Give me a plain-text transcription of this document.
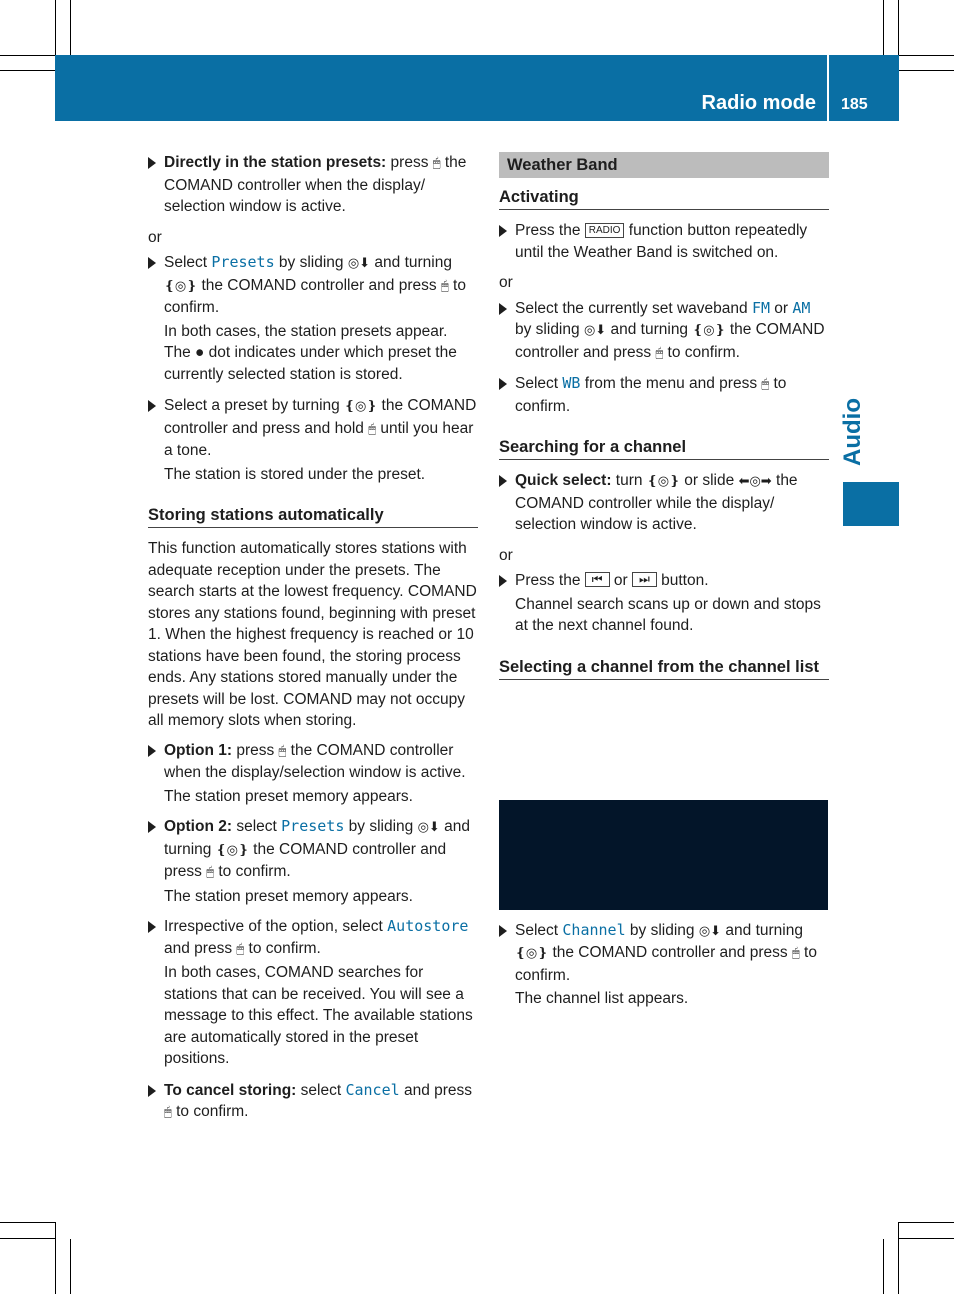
Radio mode 185
Audio

Directly in the station presets: press 🖱 the COMAND controller when the display/ selection window is active.

or

Select Presets by sliding ◎⬇ and turning ❴◎❵ the COMAND controller and press 🖱 to confirm.

In both cases, the station presets appear. The ● dot indicates under which preset the currently selected station is stored.

Select a preset by turning ❴◎❵ the COMAND controller and press and hold 🖱 until you hear a tone.

The station is stored under the preset.

Storing stations automatically

This function automatically stores stations with adequate reception under the presets. The search starts at the lowest frequency. COMAND stores any stations found, beginning with preset 1. When the highest frequency is reached or 10 stations have been found, the storing process ends. Any stations stored manually under the presets will be lost. COMAND may not occupy all memory slots when storing.

Option 1: press 🖱 the COMAND controller when the display/selection window is active.

The station preset memory appears.

Option 2: select Presets by sliding ◎⬇ and turning ❴◎❵ the COMAND controller and press 🖱 to confirm.

The station preset memory appears.

Irrespective of the option, select Autostore and press 🖱 to confirm.

In both cases, COMAND searches for stations that can be received. You will see a message to this effect. The available stations are automatically stored in the preset positions.

To cancel storing: select Cancel and press 🖱 to confirm.

Weather Band
Activating

Press the RADIO function button repeatedly until the Weather Band is switched on.

or

Select the currently set waveband FM or AM by sliding ◎⬇ and turning ❴◎❵ the COMAND controller and press 🖱 to confirm.

Select WB from the menu and press 🖱 to confirm.

Searching for a channel

Quick select: turn ❴◎❵ or slide ⬅◎➡ the COMAND controller while the display/ selection window is active.

or

Press the ⏮ or ⏭ button.

Channel search scans up or down and stops at the next channel found.

Selecting a channel from the channel list

Select Channel by sliding ◎⬇ and turning ❴◎❵ the COMAND controller and press 🖱 to confirm.

The channel list appears.
